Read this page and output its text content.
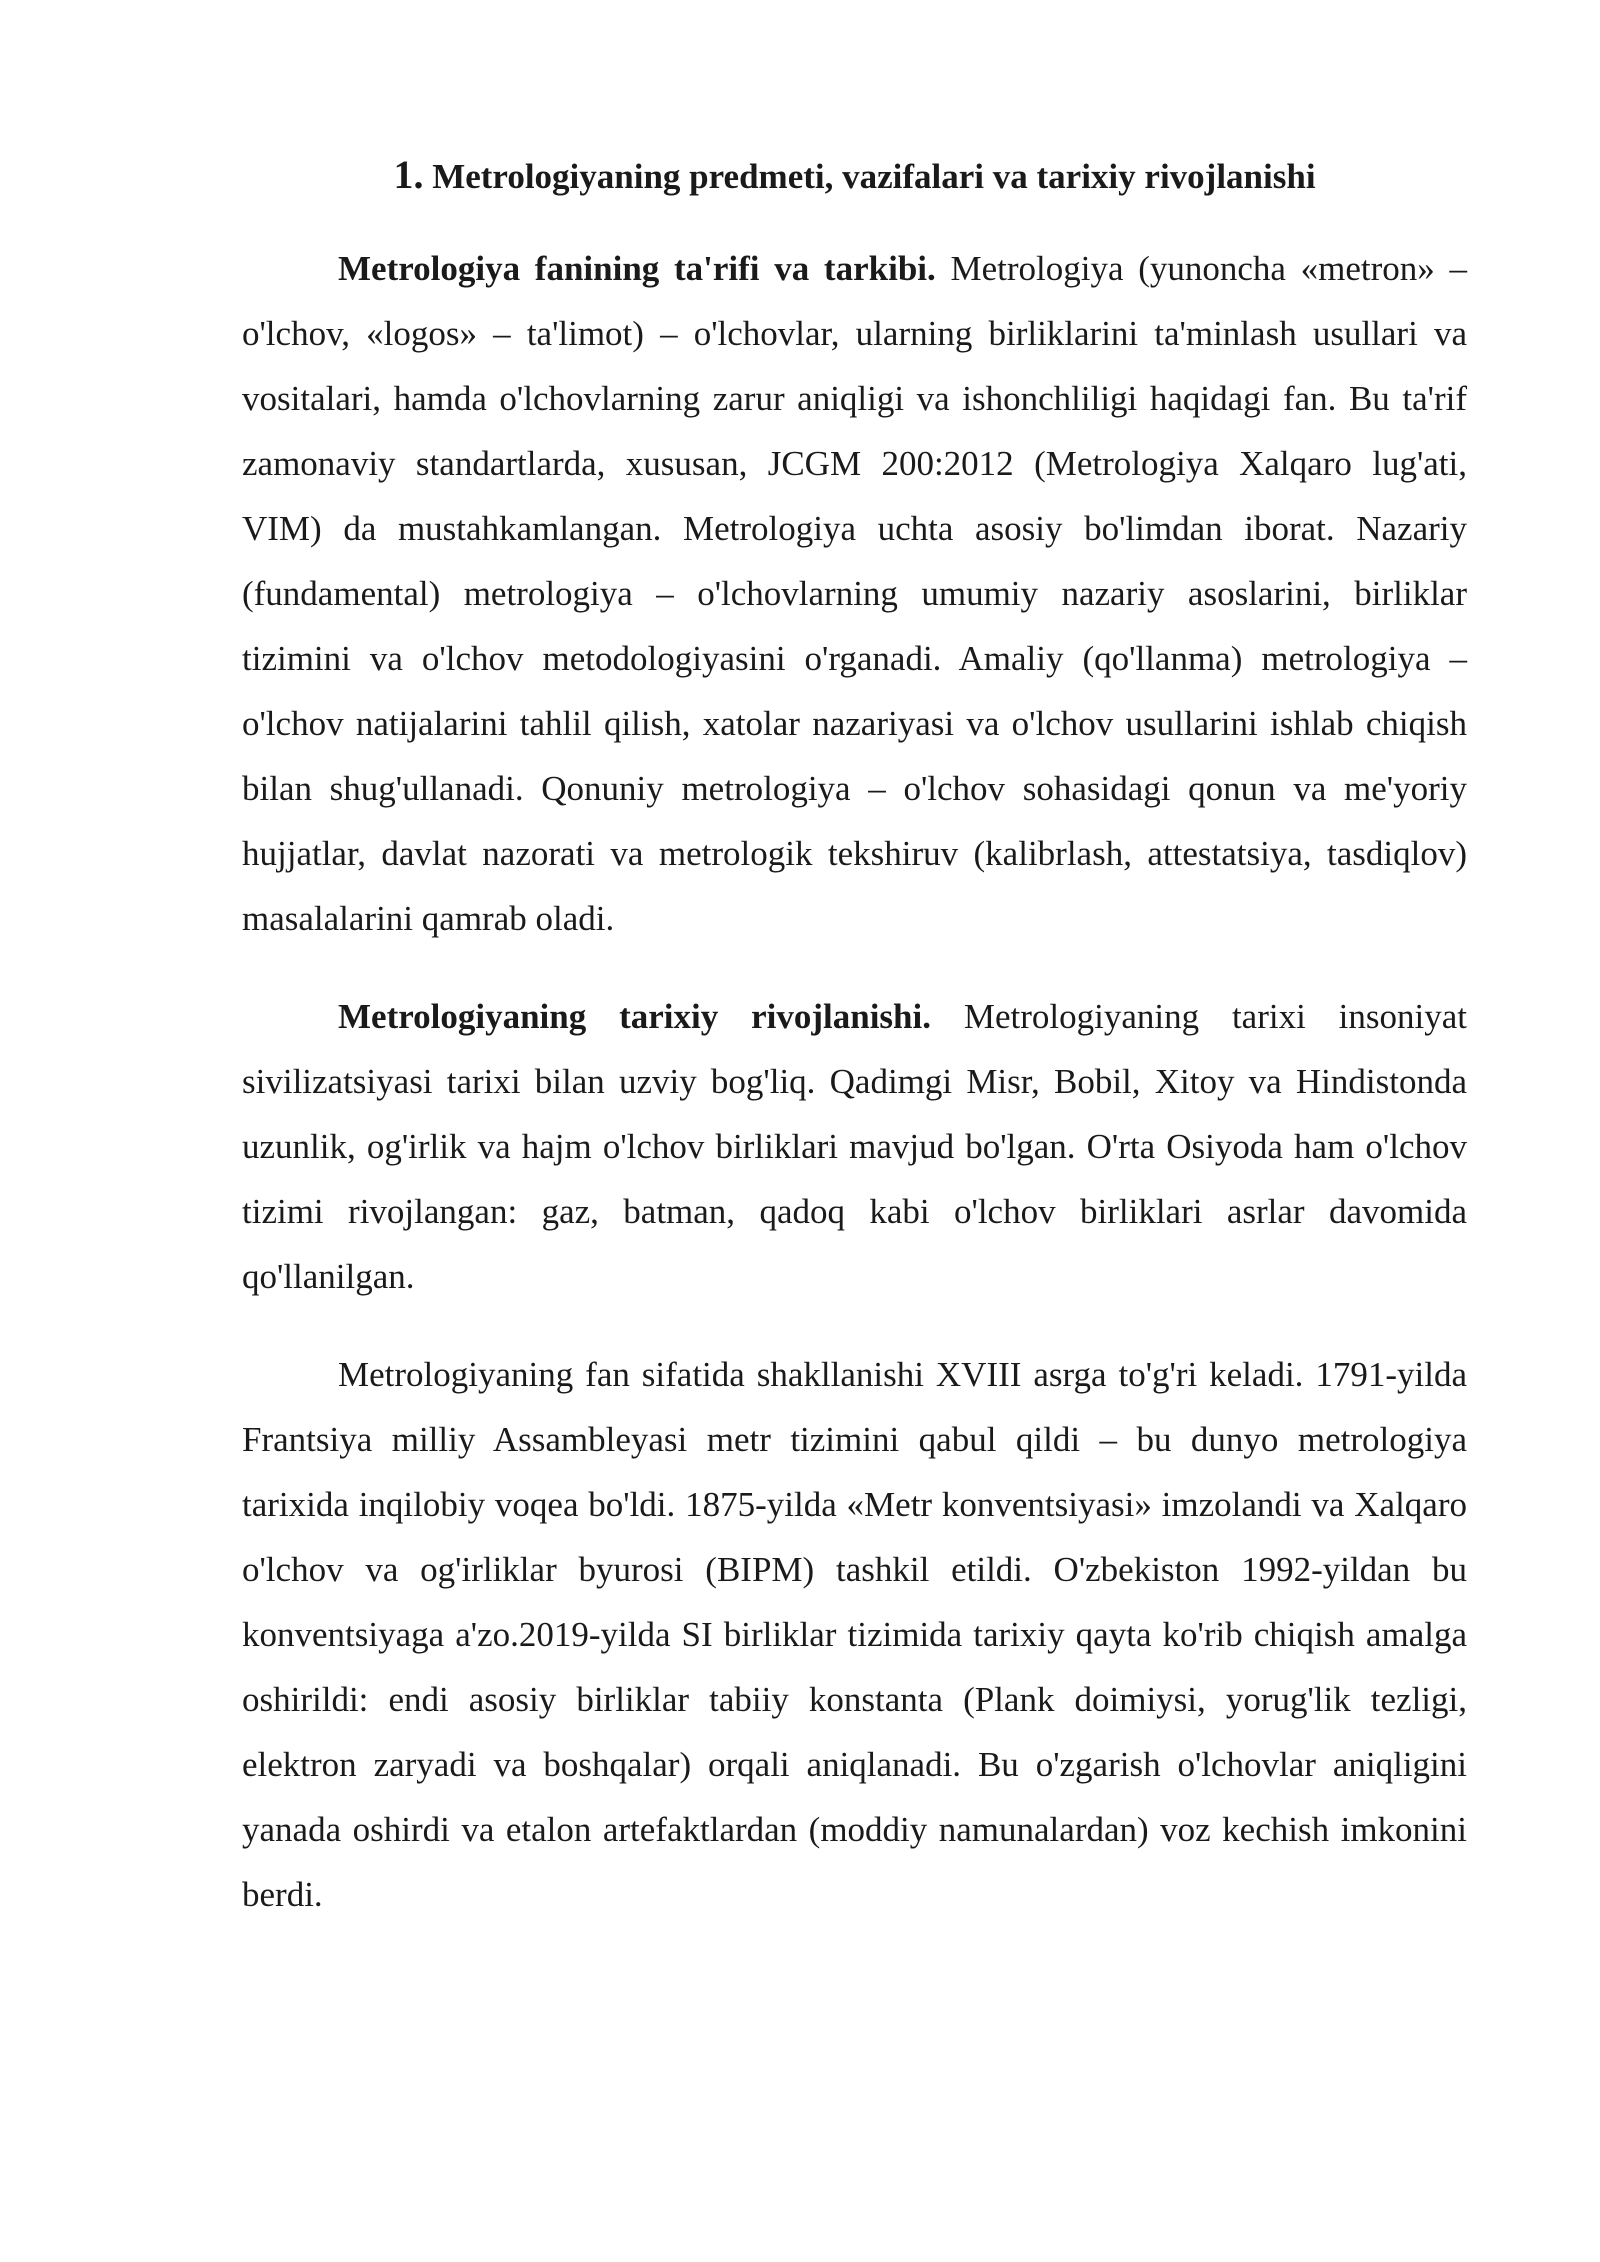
1. Metrologiyaning predmeti, vazifalari va tarixiy rivojlanishi

Metrologiya fanining ta'rifi va tarkibi. Metrologiya (yunoncha «metron» – o'lchov, «logos» – ta'limot) – o'lchovlar, ularning birliklarini ta'minlash usullari va vositalari, hamda o'lchovlarning zarur aniqligi va ishonchliligi haqidagi fan. Bu ta'rif zamonaviy standartlarda, xususan, JCGM 200:2012 (Metrologiya Xalqaro lug'ati, VIM) da mustahkamlangan. Metrologiya uchta asosiy bo'limdan iborat. Nazariy (fundamental) metrologiya – o'lchovlarning umumiy nazariy asoslarini, birliklar tizimini va o'lchov metodologiyasini o'rganadi. Amaliy (qo'llanma) metrologiya – o'lchov natijalarini tahlil qilish, xatolar nazariyasi va o'lchov usullarini ishlab chiqish bilan shug'ullanadi. Qonuniy metrologiya – o'lchov sohasidagi qonun va me'yoriy hujjatlar, davlat nazorati va metrologik tekshiruv (kalibrlash, attestatsiya, tasdiqlov) masalalarini qamrab oladi.

Metrologiyaning tarixiy rivojlanishi. Metrologiyaning tarixi insoniyat sivilizatsiyasi tarixi bilan uzviy bog'liq. Qadimgi Misr, Bobil, Xitoy va Hindistonda uzunlik, og'irlik va hajm o'lchov birliklari mavjud bo'lgan. O'rta Osiyoda ham o'lchov tizimi rivojlangan: gaz, batman, qadoq kabi o'lchov birliklari asrlar davomida qo'llanilgan.

Metrologiyaning fan sifatida shakllanishi XVIII asrga to'g'ri keladi. 1791-yilda Frantsiya milliy Assambleyasi metr tizimini qabul qildi – bu dunyo metrologiya tarixida inqilobiy voqea bo'ldi. 1875-yilda «Metr konventsiyasi» imzolandi va Xalqaro o'lchov va og'irliklar byurosi (BIPM) tashkil etildi. O'zbekiston 1992-yildan bu konventsiyaga a'zo.2019-yilda SI birliklar tizimida tarixiy qayta ko'rib chiqish amalga oshirildi: endi asosiy birliklar tabiiy konstanta (Plank doimiysi, yorug'lik tezligi, elektron zaryadi va boshqalar) orqali aniqlanadi. Bu o'zgarish o'lchovlar aniqligini yanada oshirdi va etalon artefaktlardan (moddiy namunalardan) voz kechish imkonini berdi.
